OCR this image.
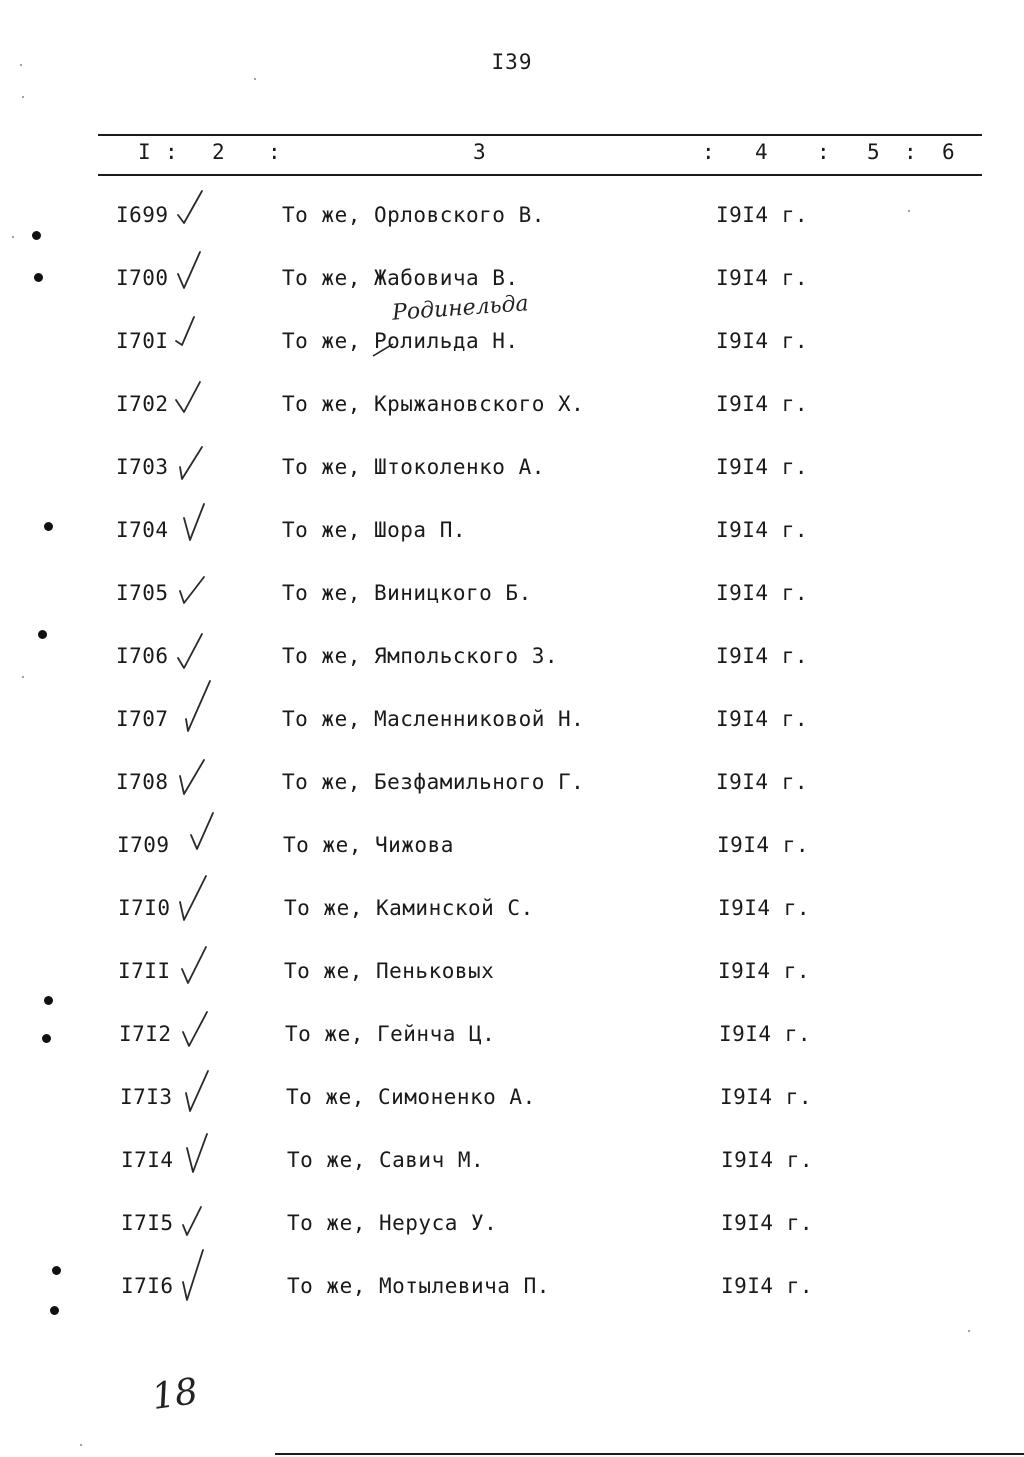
I39
I : 2 :	3	: 4 : 5 : 6
I699	То же, Орловского В.	I9I4 г.
I700	То же, Жабовича В.	I9I4 г.
I70I	То же, Ролильда Н.	I9I4 г.
I702	То же, Крыжановского Х.	I9I4 г.
I703	То же, Штоколенко А.	I9I4 г.
I704	То же, Шора П.	I9I4 г.
I705	То же, Виницкого Б.	I9I4 г.
I706	То же, Ямпольского З.	I9I4 г.
I707	То же, Масленниковой Н.	I9I4 г.
I708	То же, Безфамильного Г.	I9I4 г.
I709	То же, Чижова	I9I4 г.
I7I0	То же, Каминской С.	I9I4 г.
I7II	То же, Пеньковых	I9I4 г.
I7I2	То же, Гейнча Ц.	I9I4 г.
I7I3	То же, Симоненко А.	I9I4 г.
I7I4	То же, Савич М.	I9I4 г.
I7I5	То же, Неруса У.	I9I4 г.
I7I6	То же, Мотылевича П.	I9I4 г.
Родинельда
18
